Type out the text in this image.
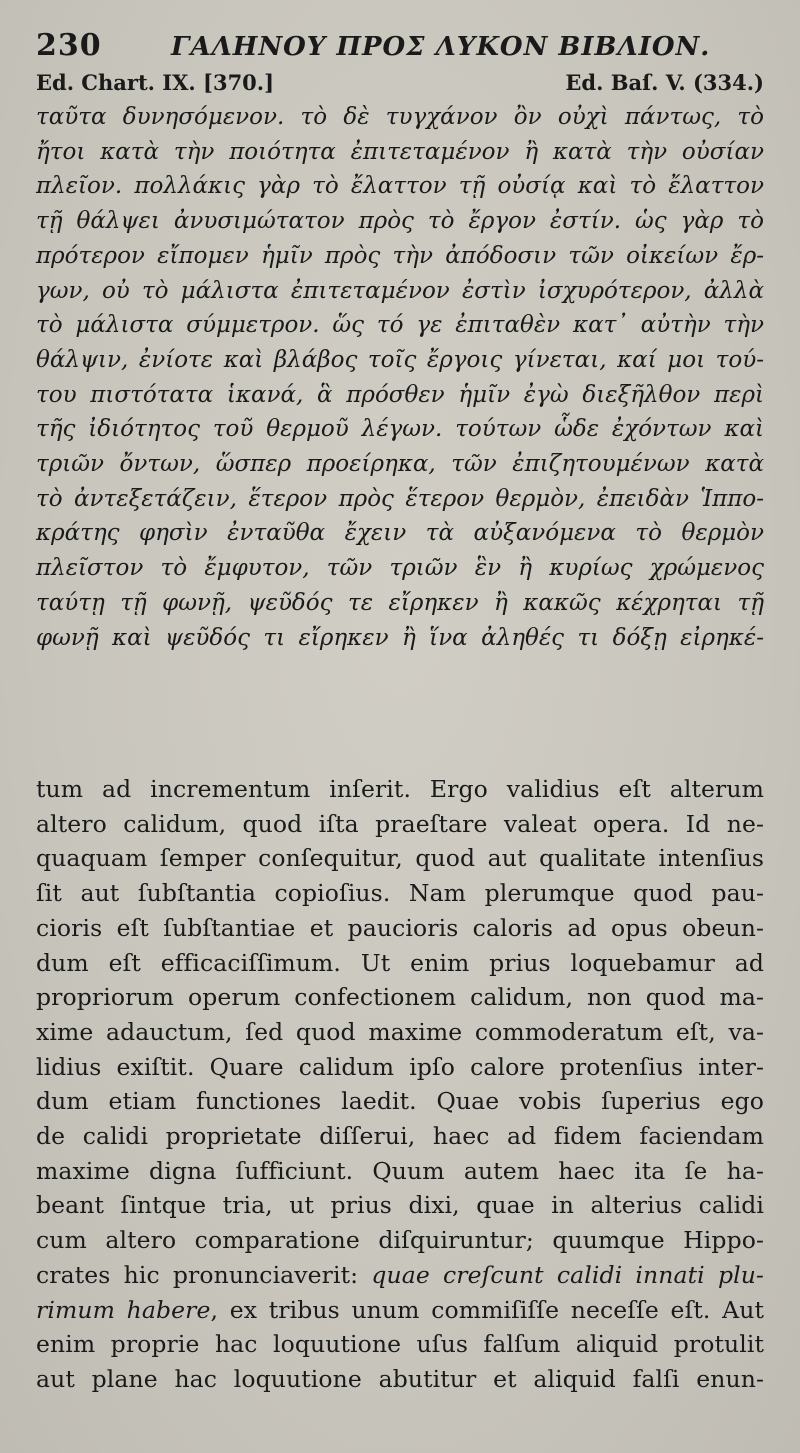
230	ΓΑΛΗΝΟΥ ΠΡΟΣ ΛΥΚΟΝ ΒΙΒΛΙΟΝ.
Ed. Chart. IX. [370.]	Ed. Baſ. V. (334.)
ταῦτα δυνησόμενον. τὸ δὲ τυγχάνον ὂν οὐχὶ πάντως, τὸ
ἤτοι κατὰ τὴν ποιότητα ἐπιτεταμένον ἢ κατὰ τὴν οὐσίαν
πλεῖον. πολλάκις γὰρ τὸ ἔλαττον τῇ οὐσίᾳ καὶ τὸ ἔλαττον
τῇ θάλψει ἀνυσιμώτατον πρὸς τὸ ἔργον ἐστίν. ὡς γὰρ τὸ
πρότερον εἴπομεν ἡμῖν πρὸς τὴν ἀπόδοσιν τῶν οἰκείων ἔρ-
γων, οὐ τὸ μάλιστα ἐπιτεταμένον ἐστὶν ἰσχυρότερον, ἀλλὰ
τὸ μάλιστα σύμμετρον. ὥς τό γε ἐπιταθὲν κατ᾽ αὐτὴν τὴν
θάλψιν, ἐνίοτε καὶ βλάβος τοῖς ἔργοις γίνεται, καί μοι τού-
του πιστότατα ἱκανά, ἃ πρόσθεν ἡμῖν ἐγὼ διεξῆλθον περὶ
τῆς ἰδιότητος τοῦ θερμοῦ λέγων. τούτων ὧδε ἐχόντων καὶ
τριῶν ὄντων, ὥσπερ προείρηκα, τῶν ἐπιζητουμένων κατὰ
τὸ ἀντεξετάζειν, ἕτερον πρὸς ἕτερον θερμὸν, ἐπειδὰν Ἱππο-
κράτης φησὶν ἐνταῦθα ἔχειν τὰ αὐξανόμενα τὸ θερμὸν
πλεῖστον τὸ ἔμφυτον, τῶν τριῶν ἓν ἢ κυρίως χρώμενος
ταύτῃ τῇ φωνῇ, ψεῦδός τε εἴρηκεν ἢ κακῶς κέχρηται τῇ
φωνῇ καὶ ψεῦδός τι εἴρηκεν ἢ ἵνα ἀληθές τι δόξῃ εἰρηκέ-
tum ad incrementum inſerit. Ergo validius eſt alterum
altero calidum, quod iſta praeſtare valeat opera. Id ne-
quaquam ſemper conſequitur, quod aut qualitate intenſius
ſit aut ſubſtantia copioſius. Nam plerumque quod pau-
cioris eſt ſubſtantiae et paucioris caloris ad opus obeun-
dum eſt efficaciſſimum. Ut enim prius loquebamur ad
propriorum operum confectionem calidum, non quod ma-
xime adauctum, ſed quod maxime commoderatum eſt, va-
lidius exiſtit. Quare calidum ipſo calore protenſius inter-
dum etiam functiones laedit. Quae vobis ſuperius ego
de calidi proprietate diſſerui, haec ad fidem faciendam
maxime digna ſufficiunt. Quum autem haec ita ſe ha-
beant ſintque tria, ut prius dixi, quae in alterius calidi
cum altero comparatione diſquiruntur; quumque Hippo-
crates hic pronunciaverit: quae creſcunt calidi innati plu-
rimum habere, ex tribus unum commiſiſſe neceſſe eſt. Aut
enim proprie hac loquutione uſus falſum aliquid protulit
aut plane hac loquutione abutitur et aliquid falſi enun-
